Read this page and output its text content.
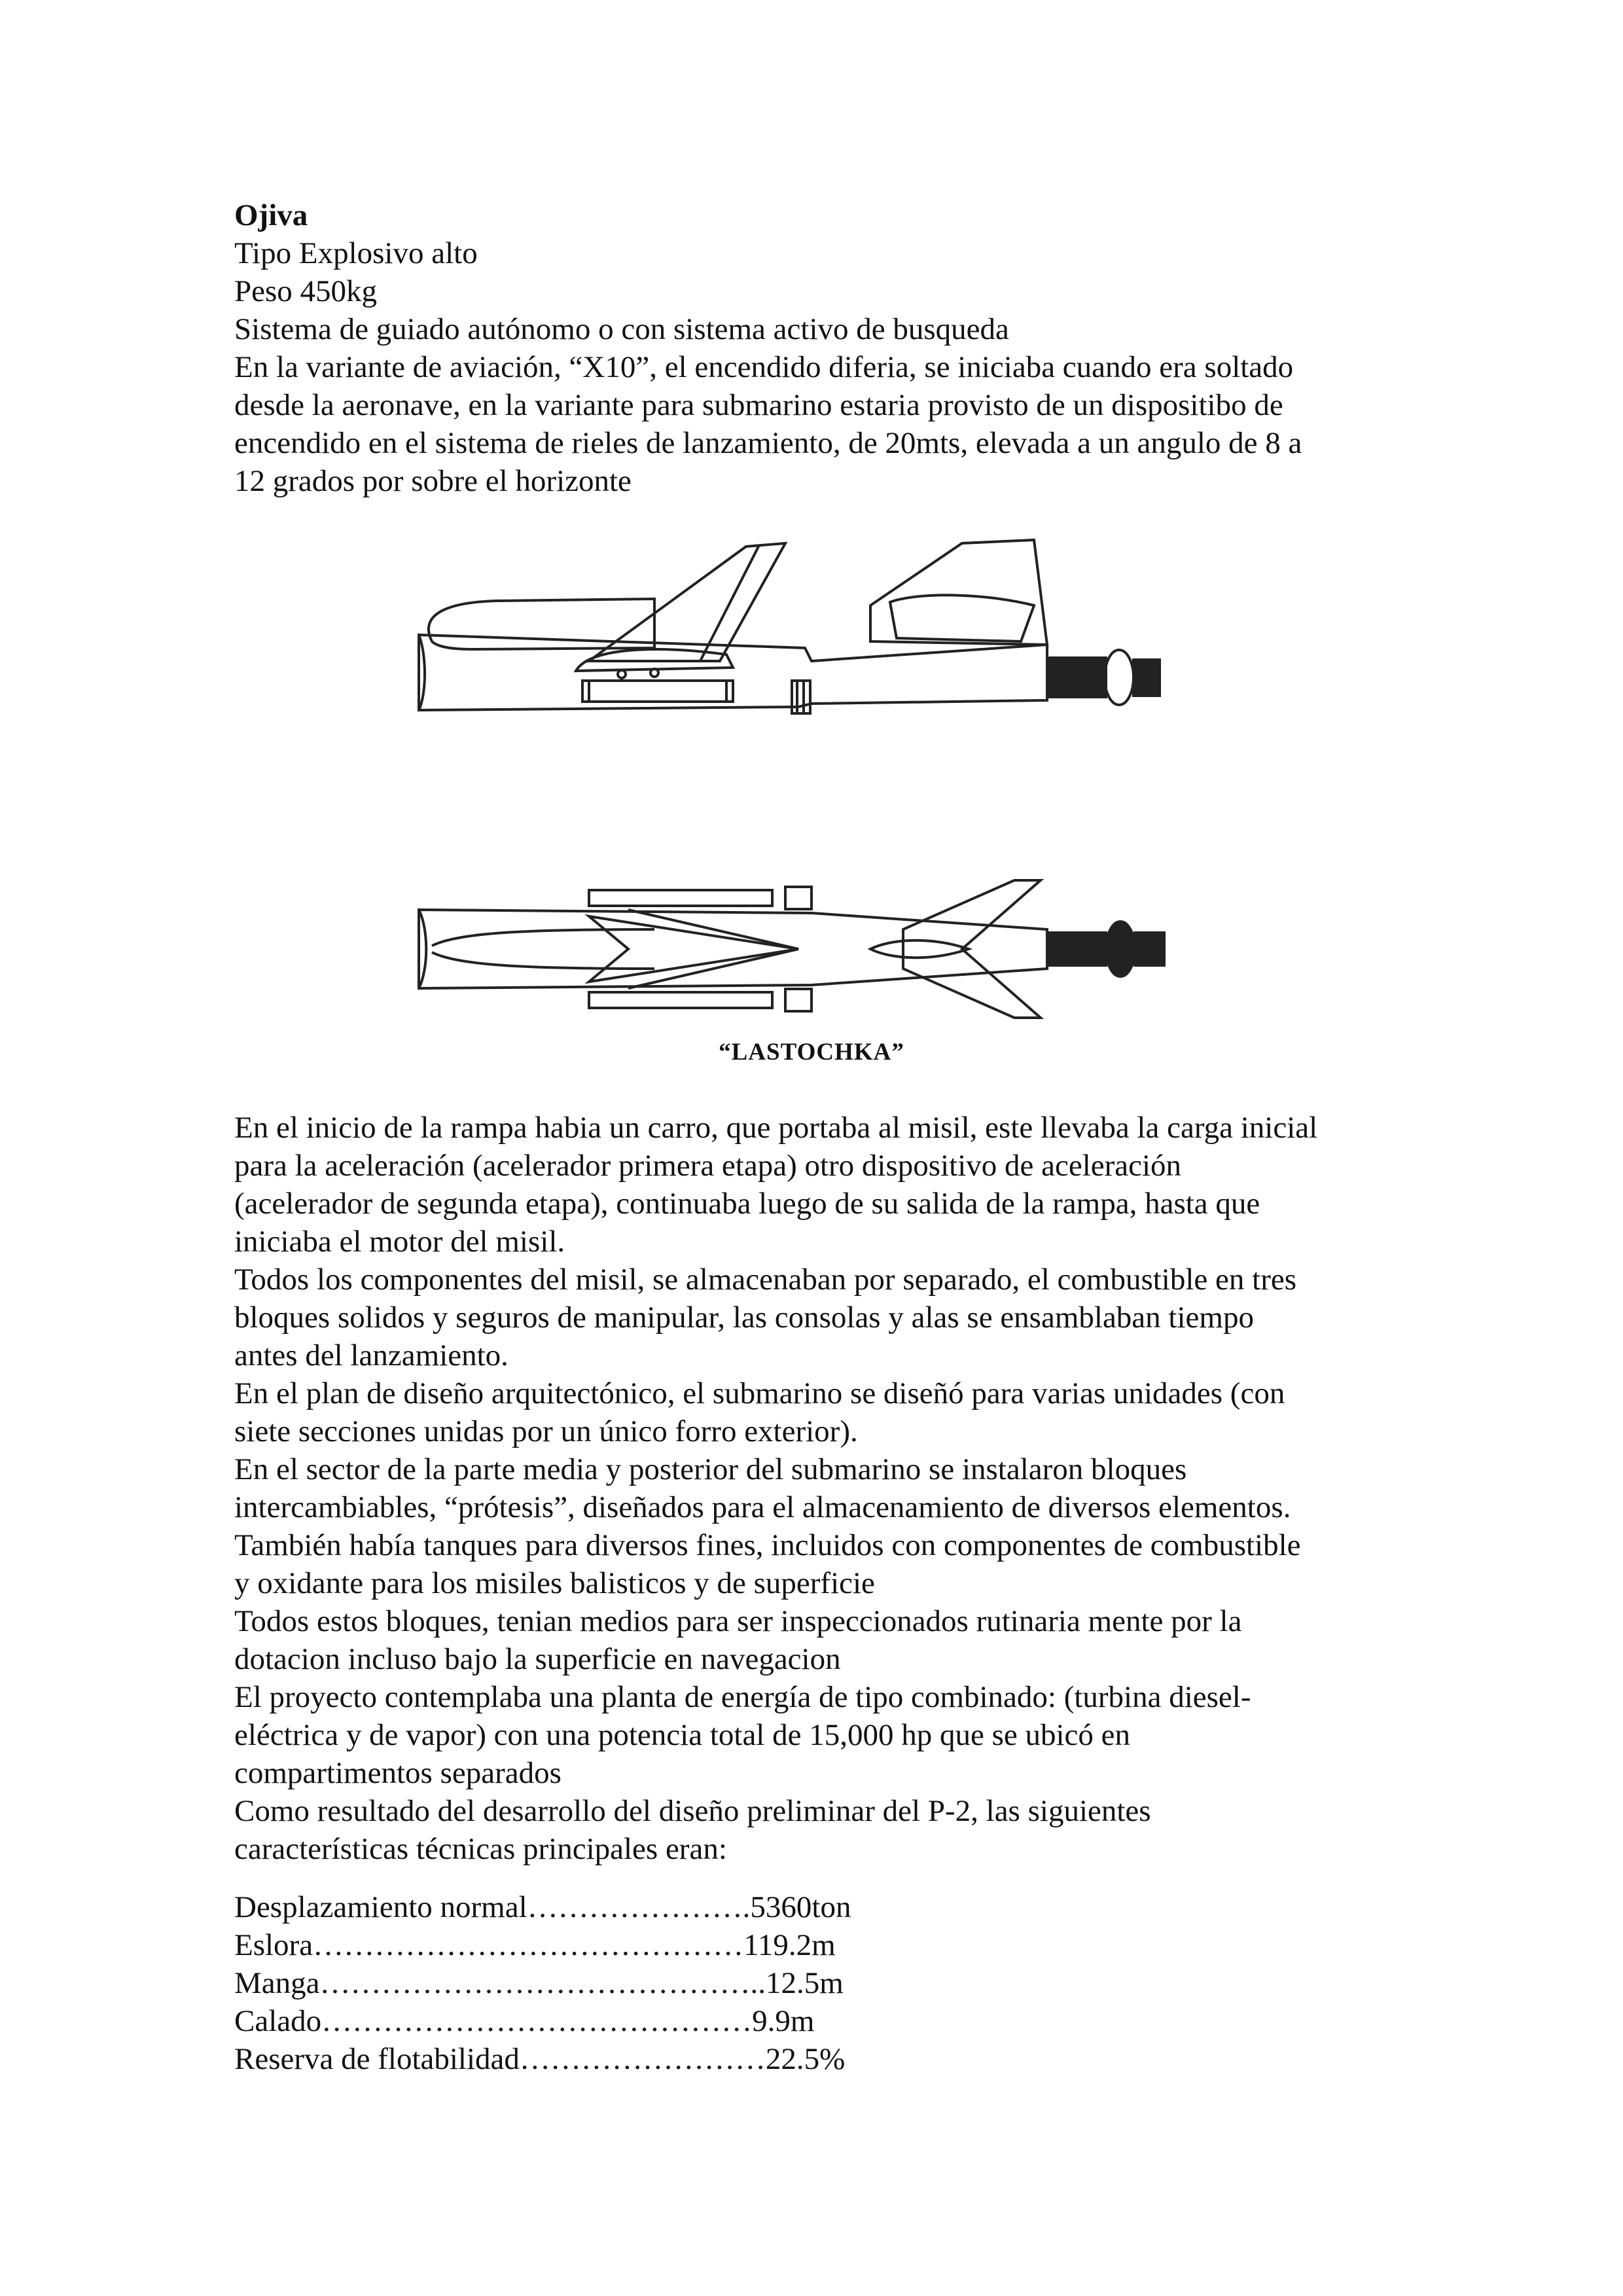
Ojiva
Tipo Explosivo alto
Peso 450kg
Sistema de guiado autónomo o con sistema activo de busqueda
En la variante de aviación, “X10”, el encendido diferia, se iniciaba cuando era soltado
desde la aeronave, en la variante para submarino estaria provisto de un dispositibo de
encendido en el sistema de rieles de lanzamiento, de 20mts, elevada a un angulo de 8 a
12 grados por sobre el horizonte
“LASTOCHKA”
En el inicio de la rampa habia un carro, que portaba al misil, este llevaba la carga inicial
para la aceleración (acelerador primera etapa) otro dispositivo de aceleración
(acelerador de segunda etapa), continuaba luego de su salida de la rampa, hasta que
iniciaba el motor del misil.
Todos los componentes del misil, se almacenaban por separado, el combustible en tres
bloques solidos y seguros de manipular, las consolas y alas se ensamblaban tiempo
antes del lanzamiento.
En el plan de diseño arquitectónico, el submarino se diseñó para varias unidades (con
siete secciones unidas por un único forro exterior).
En el sector de la parte media y posterior del submarino se instalaron bloques
intercambiables, “prótesis”, diseñados para el almacenamiento de diversos elementos.
También había tanques para diversos fines, incluidos con componentes de combustible
y oxidante para los misiles balisticos y de superficie
Todos estos bloques, tenian medios para ser inspeccionados rutinaria mente por la
dotacion incluso bajo la superficie en navegacion
El proyecto contemplaba una planta de energía de tipo combinado: (turbina diesel-
eléctrica y de vapor) con una potencia total de 15,000 hp que se ubicó en
compartimentos separados
Como resultado del desarrollo del diseño preliminar del P-2, las siguientes
características técnicas principales eran:
Desplazamiento normal………………….5360ton
Eslora……………………………………119.2m
Manga……………………………………..12.5m
Calado……………………………………9.9m
Reserva de flotabilidad……………………22.5%
